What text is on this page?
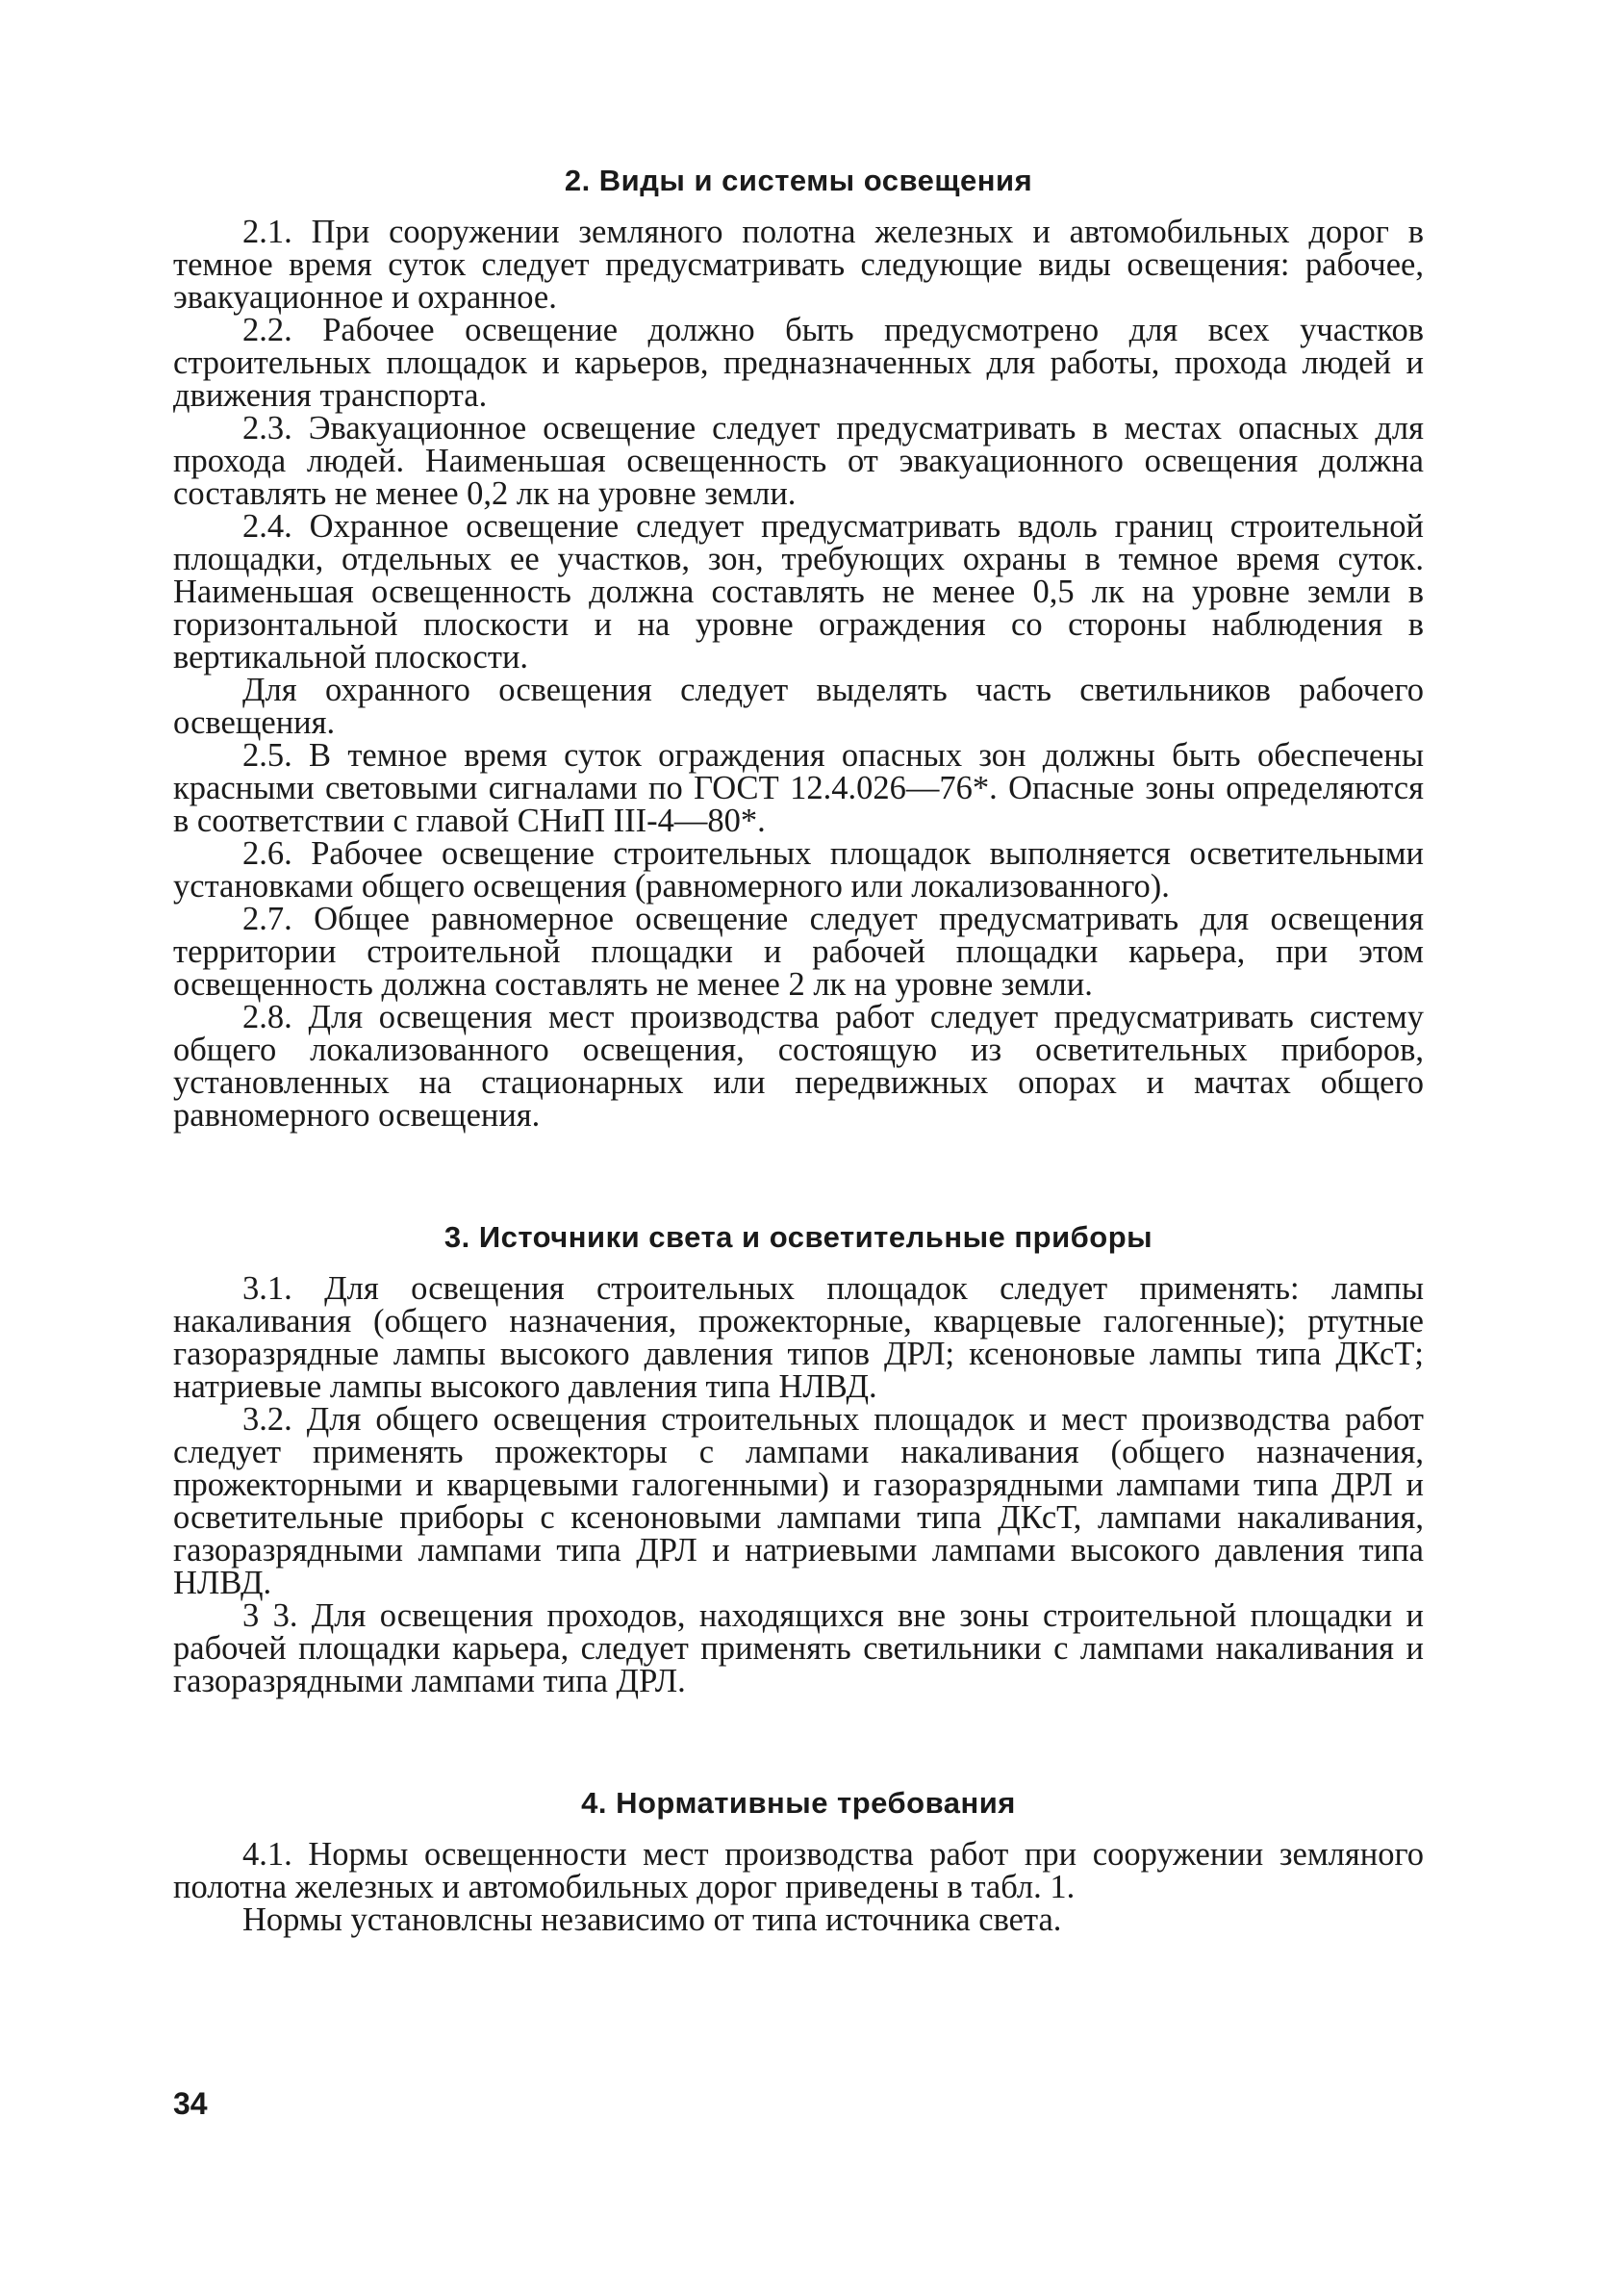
2. Виды и системы освещения

2.1. При сооружении земляного полотна железных и автомобильных дорог в темное время суток следует предусматривать следующие виды освещения: рабочее, эвакуационное и охранное.

2.2. Рабочее освещение должно быть предусмотрено для всех участков строительных площадок и карьеров, предназначенных для работы, прохода людей и движения транспорта.

2.3. Эвакуационное освещение следует предусматривать в местах опасных для прохода людей. Наименьшая освещенность от эвакуационного освещения должна составлять не менее 0,2 лк на уровне земли.

2.4. Охранное освещение следует предусматривать вдоль границ строительной площадки, отдельных ее участков, зон, требующих охраны в темное время суток. Наименьшая освещенность должна составлять не менее 0,5 лк на уровне земли в горизонтальной плоскости и на уровне ограждения со стороны наблюдения в вертикальной плоскости.

Для охранного освещения следует выделять часть светильников рабочего освещения.

2.5. В темное время суток ограждения опасных зон должны быть обеспечены красными световыми сигналами по ГОСТ 12.4.026—76*. Опасные зоны определяются в соответствии с главой СНиП III-4—80*.

2.6. Рабочее освещение строительных площадок выполняется осветительными установками общего освещения (равномерного или локализованного).

2.7. Общее равномерное освещение следует предусматривать для освещения территории строительной площадки и рабочей площадки карьера, при этом освещенность должна составлять не менее 2 лк на уровне земли.

2.8. Для освещения мест производства работ следует предусматривать систему общего локализованного освещения, состоящую из осветительных приборов, установленных на стационарных или передвижных опорах и мачтах общего равномерного освещения.

3. Источники света и осветительные приборы

3.1. Для освещения строительных площадок следует применять: лампы накаливания (общего назначения, прожекторные, кварцевые галогенные); ртутные газоразрядные лампы высокого давления типов ДРЛ; ксеноновые лампы типа ДКсТ; натриевые лампы высокого давления типа НЛВД.

3.2. Для общего освещения строительных площадок и мест производства работ следует применять прожекторы с лампами накаливания (общего назначения, прожекторными и кварцевыми галогенными) и газоразрядными лампами типа ДРЛ и осветительные приборы с ксеноновыми лампами типа ДКсТ, лампами накаливания, газоразрядными лампами типа ДРЛ и натриевыми лампами высокого давления типа НЛВД.

3 3. Для освещения проходов, находящихся вне зоны строительной площадки и рабочей площадки карьера, следует применять светильники с лампами накаливания и газоразрядными лампами типа ДРЛ.

4. Нормативные требования

4.1. Нормы освещенности мест производства работ при сооружении земляного полотна железных и автомобильных дорог приведены в табл. 1.

Нормы установлсны независимо от типа источника света.

34
